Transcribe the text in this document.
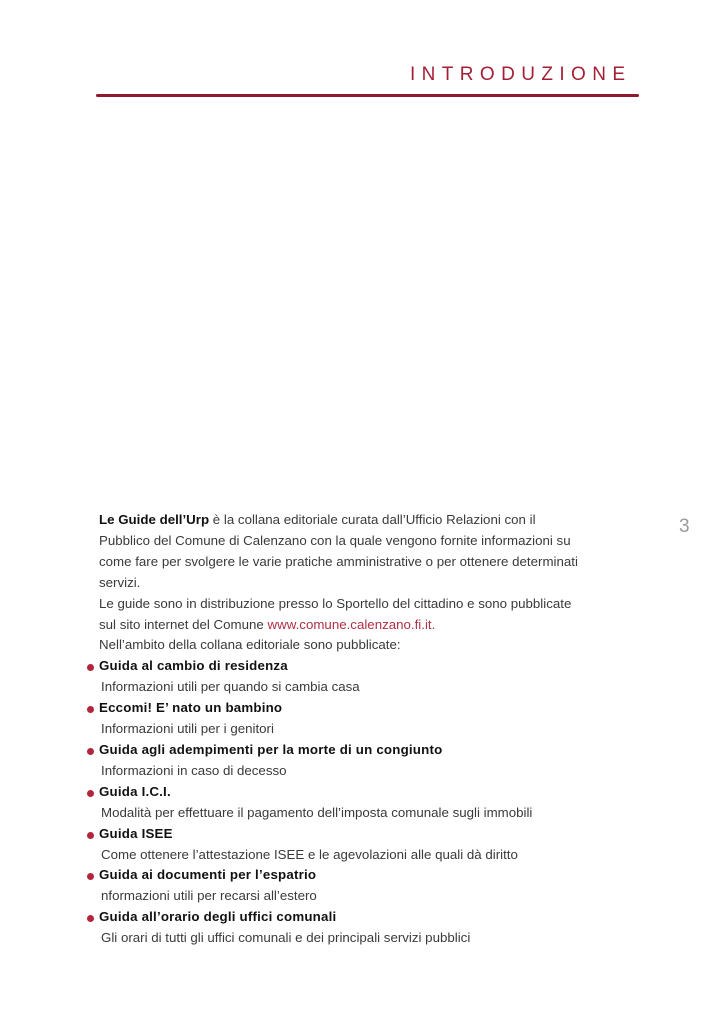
INTRODUZIONE
3

Le Guide dell’Urp è la collana editoriale curata dall’Ufficio Relazioni con il

Pubblico del Comune di Calenzano con la quale vengono fornite informazioni su

come fare per svolgere le varie pratiche amministrative o per ottenere determinati

servizi.

Le guide sono in distribuzione presso lo Sportello del cittadino e sono pubblicate

sul sito internet del Comune www.comune.calenzano.fi.it.

Nell’ambito della collana editoriale sono pubblicate:

Guida al cambio di residenza
Informazioni utili per quando si cambia casa
Eccomi! E’ nato un bambino
Informazioni utili per i genitori
Guida agli adempimenti per la morte di un congiunto
Informazioni in caso di decesso
Guida I.C.I.
Modalità per effettuare il pagamento dell’imposta comunale sugli immobili
Guida ISEE
Come ottenere l’attestazione ISEE e le agevolazioni alle quali dà diritto
Guida ai documenti per l’espatrio
nformazioni utili per recarsi all’estero
Guida all’orario degli uffici comunali
Gli orari di tutti gli uffici comunali e dei principali servizi pubblici
